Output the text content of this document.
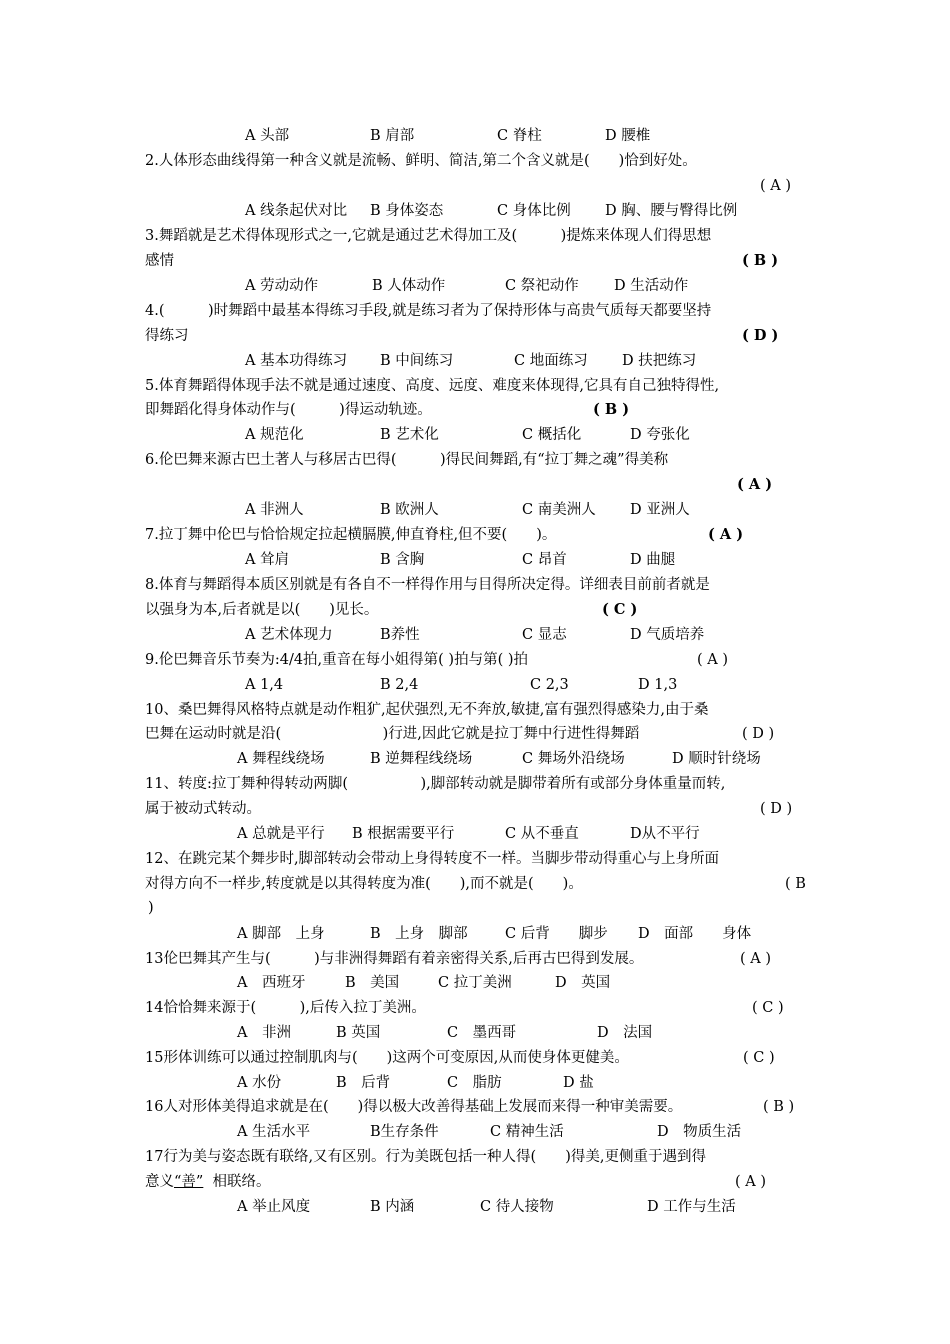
A 头部	B 肩部	C 脊柱	D 腰椎
2.人体形态曲线得第一种含义就是流畅、鲜明、简洁,第二个含义就是(　　)恰到好处。
( A )
A 线条起伏对比 B 身体姿态	C 身体比例 D 胸、腰与臀得比例
3.舞蹈就是艺术得体现形式之一,它就是通过艺术得加工及(　　　)提炼来体现人们得思想
感情	( B )
A 劳动动作	B 人体动作	C 祭祀动作 D 生活动作
4.(　　　)时舞蹈中最基本得练习手段,就是练习者为了保持形体与高贵气质每天都要坚持
得练习	( D )
A 基本功得练习 B 中间练习	C 地面练习 D 扶把练习
5.体育舞蹈得体现手法不就是通过速度、高度、远度、难度来体现得,它具有自己独特得性,
即舞蹈化得身体动作与(　　　)得运动轨迹。	( B )
A 规范化	B 艺术化	C 概括化	D 夸张化
6.伦巴舞来源古巴土著人与移居古巴得(　　　)得民间舞蹈,有“拉丁舞之魂”得美称
( A )
A 非洲人	B 欧洲人	C 南美洲人 D 亚洲人
7.拉丁舞中伦巴与恰恰规定拉起横膈膜,伸直脊柱,但不要(　　)。	( A )
A 耸肩	B 含胸	C 昂首	D 曲腿
8.体育与舞蹈得本质区别就是有各自不一样得作用与目得所决定得。详细表目前前者就是
以强身为本,后者就是以(　　)见长。	( C )
A 艺术体现力	B养性	C 显志	D 气质培养
9.伦巴舞音乐节奏为:4/4拍,重音在每小姐得第( )拍与第( )拍	( A )
A 1,4	B 2,4	C 2,3	D 1,3
10、桑巴舞得风格特点就是动作粗犷,起伏强烈,无不奔放,敏捷,富有强烈得感染力,由于桑
巴舞在运动时就是沿(　　　　　　　)行进,因此它就是拉丁舞中行进性得舞蹈	( D )
A 舞程线绕场	B 逆舞程线绕场	C 舞场外沿绕场	D 顺时针绕场
11、转度:拉丁舞种得转动两脚(　　　　　),脚部转动就是脚带着所有或部分身体重量而转,
属于被动式转动。	( D )
A 总就是平行 B 根据需要平行	C 从不垂直	D从不平行
12、在跳完某个舞步时,脚部转动会带动上身得转度不一样。当脚步带动得重心与上身所面
对得方向不一样步,转度就是以其得转度为准(　　),而不就是(　　)。	( B
)
A 脚部　上身	B　上身　脚部	C 后背　　脚步 D　面部　　身体
13伦巴舞其产生与(　　　)与非洲得舞蹈有着亲密得关系,后再古巴得到发展。	( A )
A　西班牙	B　美国	C 拉丁美洲	D　英国
14恰恰舞来源于(　　　),后传入拉丁美洲。	( C )
A　非洲	B 英国	C　墨西哥	D　法国
15形体训练可以通过控制肌肉与(　　)这两个可变原因,从而使身体更健美。	( C )
A 水份	B　后背	C　脂肪	D 盐
16人对形体美得追求就是在(　　)得以极大改善得基础上发展而来得一种审美需要。	( B )
A 生活水平	B生存条件	C 精神生活	D　物质生活
17行为美与姿态既有联络,又有区别。行为美既包括一种人得(　　)得美,更侧重于遇到得
意义“善” 相联络。	( A )
A 举止风度	B 内涵	C 待人接物	D 工作与生活
